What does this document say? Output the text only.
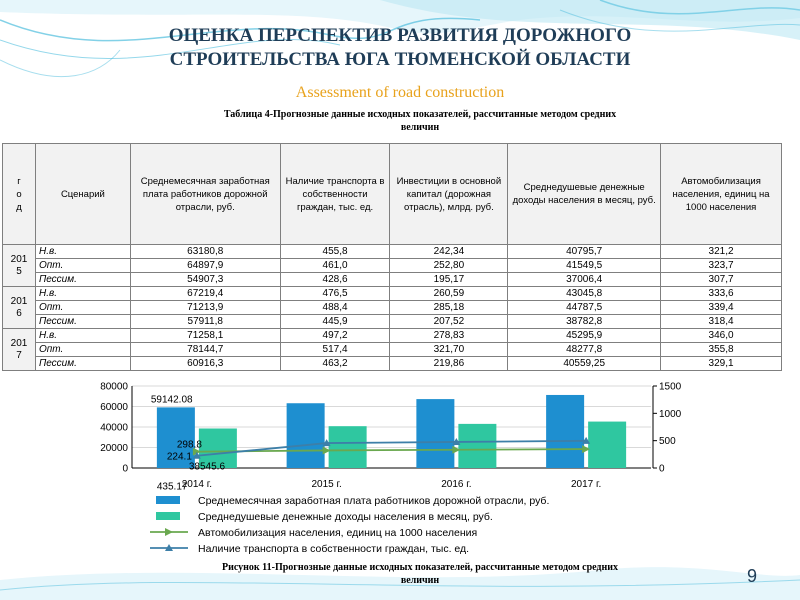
ОЦЕНКА ПЕРСПЕКТИВ РАЗВИТИЯ ДОРОЖНОГО
СТРОИТЕЛЬСТВА ЮГА ТЮМЕНСКОЙ ОБЛАСТИ
Assessment of road construction
Таблица 4-Прогнозные данные исходных показателей, рассчитанные методом средних
величин
г
о
д	Сценарий	Среднемесячная заработная плата работников дорожной отрасли, руб.	Наличие транспорта в собственности граждан, тыс. ед.	Инвестиции в основной капитал (дорожная отрасль), млрд. руб.	Среднедушевые денежные доходы населения в месяц, руб.	Автомобилизация населения, единиц на 1000 населения

201
5	Н.в.	63180,8	455,8	242,34	40795,7	321,2
	Опт.	64897,9	461,0	252,80	41549,5	323,7
	Пессим.	54907,3	428,6	195,17	37006,4	307,7

201
6	Н.в.	67219,4	476,5	260,59	43045,8	333,6
	Опт.	71213,9	488,4	285,18	44787,5	339,4
	Пессим.	57911,8	445,9	207,52	38782,8	318,4

201
7	Н.в.	71258,1	497,2	278,83	45295,9	346,0
	Опт.	78144,7	517,4	321,70	48277,8	355,8
	Пессим.	60916,3	463,2	219,86	40559,25	329,1
0
20000
40000
60000
80000
0
500
1000
1500
59142.08
38545.6
298.8
435.17
224.1
2014 г.	2015 г.	2016 г.	2017 г.
Среднемесячная заработная плата работников дорожной отрасли, руб.
Среднедушевые денежные доходы населения в месяц, руб.
Автомобилизация населения, единиц на 1000 населения
Наличие транспорта в собственности граждан, тыс. ед.
Рисунок 11-Прогнозные данные исходных показателей, рассчитанные методом средних
величин	9
